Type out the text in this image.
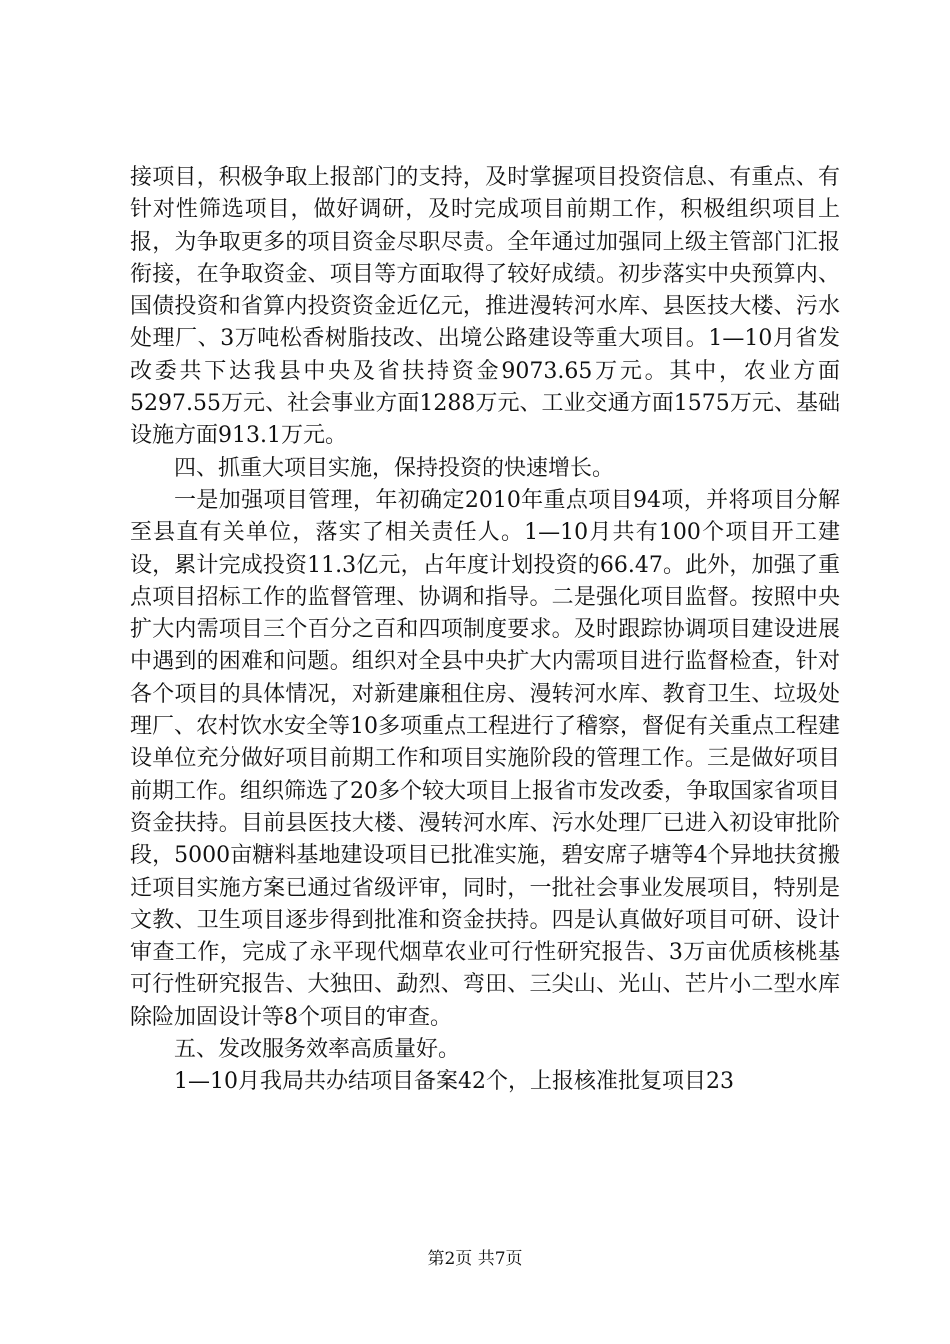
接项目，积极争取上报部门的支持，及时掌握项目投资信息、有重点、有针对性筛选项目，做好调研，及时完成项目前期工作，积极组织项目上报，为争取更多的项目资金尽职尽责。全年通过加强同上级主管部门汇报衔接，在争取资金、项目等方面取得了较好成绩。初步落实中央预算内、国债投资和省算内投资资金近亿元，推进漫转河水库、县医技大楼、污水处理厂、3万吨松香树脂技改、出境公路建设等重大项目。1—10月省发改委共下达我县中央及省扶持资金9073.65万元。其中，农业方面5297.55万元、社会事业方面1288万元、工业交通方面1575万元、基础设施方面913.1万元。

四、抓重大项目实施，保持投资的快速增长。

一是加强项目管理，年初确定2010年重点项目94项，并将项目分解至县直有关单位，落实了相关责任人。1—10月共有100个项目开工建设，累计完成投资11.3亿元，占年度计划投资的66.47。此外，加强了重点项目招标工作的监督管理、协调和指导。二是强化项目监督。按照中央扩大内需项目三个百分之百和四项制度要求。及时跟踪协调项目建设进展中遇到的困难和问题。组织对全县中央扩大内需项目进行监督检查，针对各个项目的具体情况，对新建廉租住房、漫转河水库、教育卫生、垃圾处理厂、农村饮水安全等10多项重点工程进行了稽察，督促有关重点工程建设单位充分做好项目前期工作和项目实施阶段的管理工作。三是做好项目前期工作。组织筛选了20多个较大项目上报省市发改委，争取国家省项目资金扶持。目前县医技大楼、漫转河水库、污水处理厂已进入初设审批阶段，5000亩糖料基地建设项目已批准实施，碧安席子塘等4个异地扶贫搬迁项目实施方案已通过省级评审，同时，一批社会事业发展项目，特别是文教、卫生项目逐步得到批准和资金扶持。四是认真做好项目可研、设计审查工作，完成了永平现代烟草农业可行性研究报告、3万亩优质核桃基可行性研究报告、大独田、勐烈、弯田、三尖山、光山、芒片小二型水库除险加固设计等8个项目的审查。

五、发改服务效率高质量好。

1—10月我局共办结项目备案42个，上报核准批复项目23

第2页 共7页
